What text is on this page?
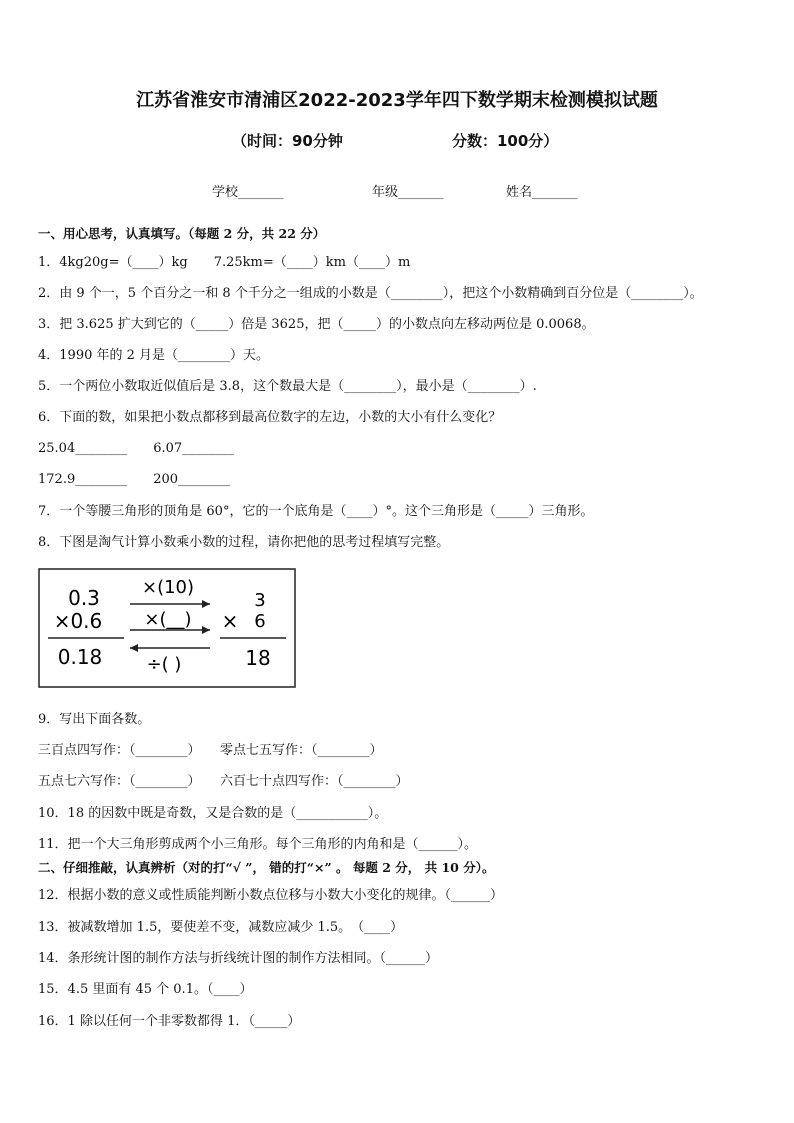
江苏省淮安市清浦区2022-2023学年四下数学期末检测模拟试题
（时间：90分钟	分数：100分）
学校_______	年级_______	姓名_______
一、用心思考，认真填写。（每题 2 分，共 22 分）
1．4kg20g=（____）kg　　7.25km=（____）km（____）m
2．由 9 个一，5 个百分之一和 8 个千分之一组成的小数是（________），把这个小数精确到百分位是（________）。
3．把 3.625 扩大到它的（_____）倍是 3625，把（_____）的小数点向左移动两位是 0.0068。
4．1990 年的 2 月是（________）天。
5．一个两位小数取近似值后是 3.8，这个数最大是（________），最小是（________）.
6．下面的数，如果把小数点都移到最高位数字的左边，小数的大小有什么变化？
25.04________　　6.07________
172.9________　　200________
7．一个等腰三角形的顶角是 60°，它的一个底角是（____）°。这个三角形是（_____）三角形。
8．下图是淘气计算小数乘小数的过程，请你把他的思考过程填写完整。
0.3
×0.6
0.18
×(10)
×(__)
÷( )
3
× 6
18
9．写出下面各数。
三百点四写作：（________）　　零点七五写作：（________）
五点七六写作：（________）　　六百七十点四写作：（________）
10．18 的因数中既是奇数，又是合数的是（___________）。
11．把一个大三角形剪成两个小三角形。每个三角形的内角和是（______）。
二、仔细推敲，认真辨析（对的打“√ ”， 错的打“×” 。 每题 2 分， 共 10 分）。
12．根据小数的意义或性质能判断小数点位移与小数大小变化的规律。（______）
13．被减数增加 1.5，要使差不变，减数应减少 1.5。　（____）
14．条形统计图的制作方法与折线统计图的制作方法相同。（______）
15．4.5 里面有 45 个 0.1。（____）
16．1 除以任何一个非零数都得 1．（_____）
